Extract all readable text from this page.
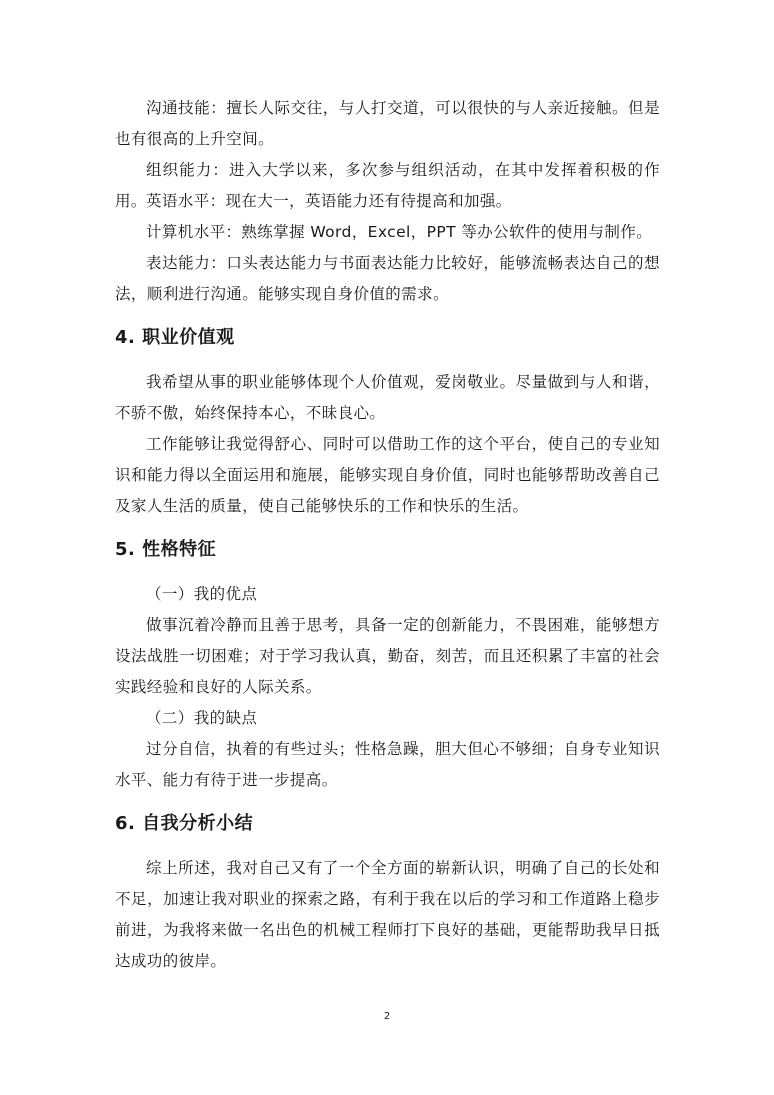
沟通技能：擅长人际交往，与人打交道，可以很快的与人亲近接触。但是也有很高的上升空间。

组织能力：进入大学以来，多次参与组织活动，在其中发挥着积极的作用。 英语水平：现在大一，英语能力还有待提高和加强。

计算机水平：熟练掌握 Word，Excel，PPT 等办公软件的使用与制作。

表达能力：口头表达能力与书面表达能力比较好，能够流畅表达自己的想法，顺利进行沟通。能够实现自身价值的需求。

4. 职业价值观

我希望从事的职业能够体现个人价值观，爱岗敬业。尽量做到与人和谐，不骄不傲，始终保持本心，不昧良心。

工作能够让我觉得舒心、同时可以借助工作的这个平台，使自己的专业知识和能力得以全面运用和施展，能够实现自身价值，同时也能够帮助改善自己及家人生活的质量，使自己能够快乐的工作和快乐的生活。

5. 性格特征

（一）我的优点

做事沉着冷静而且善于思考，具备一定的创新能力，不畏困难，能够想方设法战胜一切困难；对于学习我认真，勤奋，刻苦，而且还积累了丰富的社会实践经验和良好的人际关系。

（二）我的缺点

过分自信，执着的有些过头；性格急躁，胆大但心不够细；自身专业知识水平、能力有待于进一步提高。

6. 自我分析小结

综上所述，我对自己又有了一个全方面的崭新认识，明确了自己的长处和不足，加速让我对职业的探索之路，有利于我在以后的学习和工作道路上稳步前进，为我将来做一名出色的机械工程师打下良好的基础，更能帮助我早日抵达成功的彼岸。

2
